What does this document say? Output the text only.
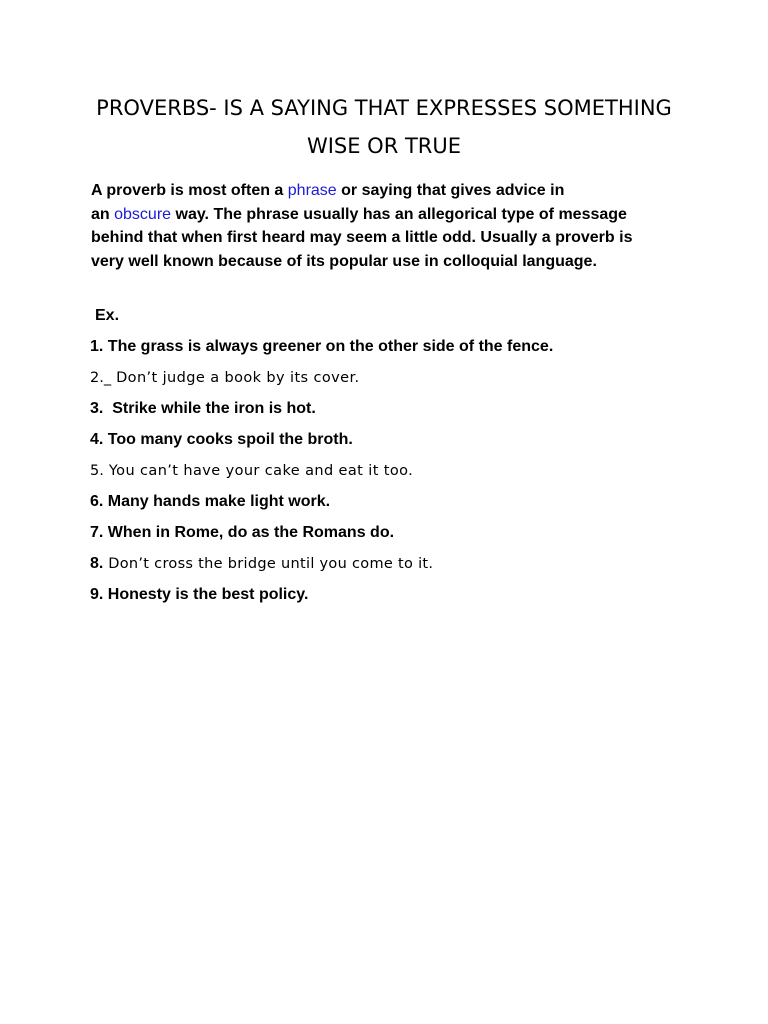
PROVERBS- IS A SAYING THAT EXPRESSES SOMETHING
WISE OR TRUE
A proverb is most often a phrase or saying that gives advice in
an obscure way. The phrase usually has an allegorical type of message
behind that when first heard may seem a little odd. Usually a proverb is
very well known because of its popular use in colloquial language.
Ex.
1. The grass is always greener on the other side of the fence.
2._ Don’t judge a book by its cover.
3.  Strike while the iron is hot.
4. Too many cooks spoil the broth.
5. You can’t have your cake and eat it too.
6. Many hands make light work.
7. When in Rome, do as the Romans do.
8. Don’t cross the bridge until you come to it.
9. Honesty is the best policy.
